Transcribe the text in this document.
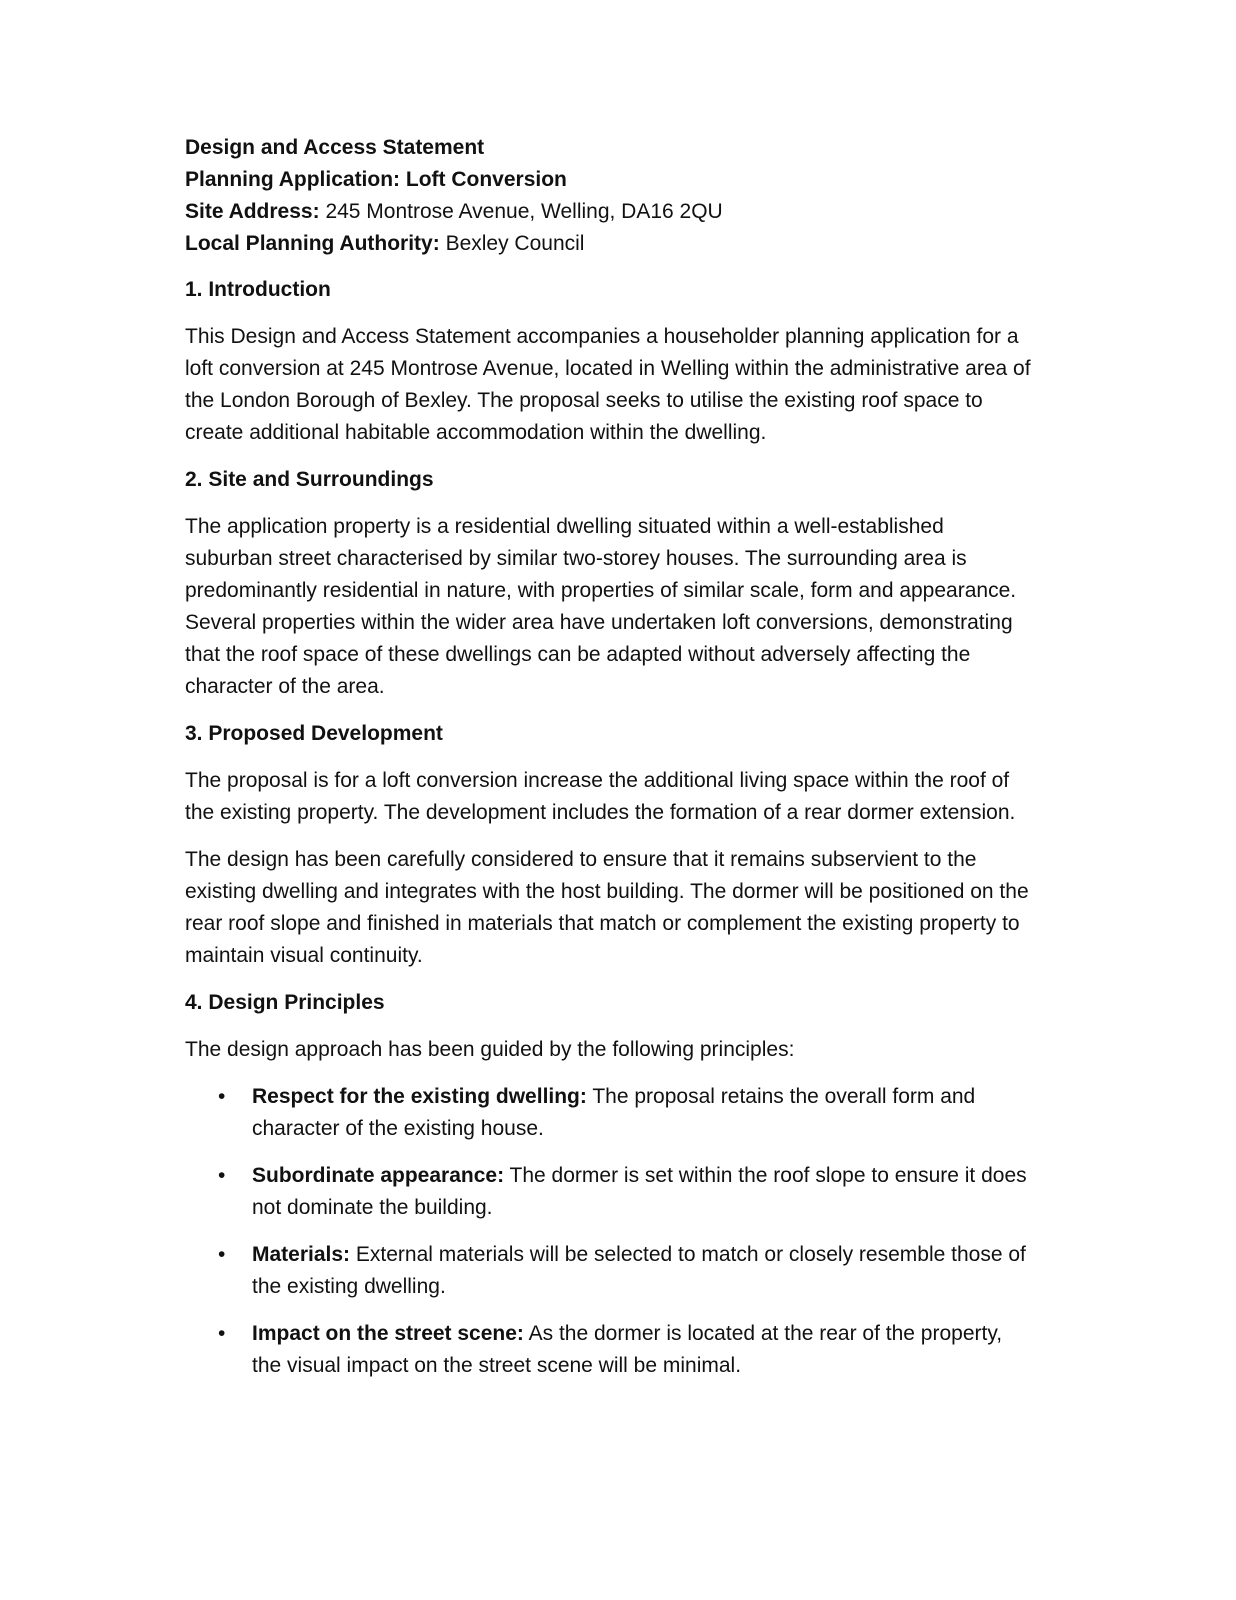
Design and Access Statement
Planning Application: Loft Conversion
Site Address: 245 Montrose Avenue, Welling, DA16 2QU
Local Planning Authority: Bexley Council
1. Introduction

This Design and Access Statement accompanies a householder planning application for a loft conversion at 245 Montrose Avenue, located in Welling within the administrative area of the London Borough of Bexley. The proposal seeks to utilise the existing roof space to create additional habitable accommodation within the dwelling.

2. Site and Surroundings

The application property is a residential dwelling situated within a well-established suburban street characterised by similar two-storey houses. The surrounding area is predominantly residential in nature, with properties of similar scale, form and appearance. Several properties within the wider area have undertaken loft conversions, demonstrating that the roof space of these dwellings can be adapted without adversely affecting the character of the area.

3. Proposed Development

The proposal is for a loft conversion increase the additional living space within the roof of the existing property. The development includes the formation of a rear dormer extension.

The design has been carefully considered to ensure that it remains subservient to the existing dwelling and integrates with the host building. The dormer will be positioned on the rear roof slope and finished in materials that match or complement the existing property to maintain visual continuity.

4. Design Principles

The design approach has been guided by the following principles:

• Respect for the existing dwelling: The proposal retains the overall form and character of the existing house.
• Subordinate appearance: The dormer is set within the roof slope to ensure it does not dominate the building.
• Materials: External materials will be selected to match or closely resemble those of the existing dwelling.
• Impact on the street scene: As the dormer is located at the rear of the property, the visual impact on the street scene will be minimal.
